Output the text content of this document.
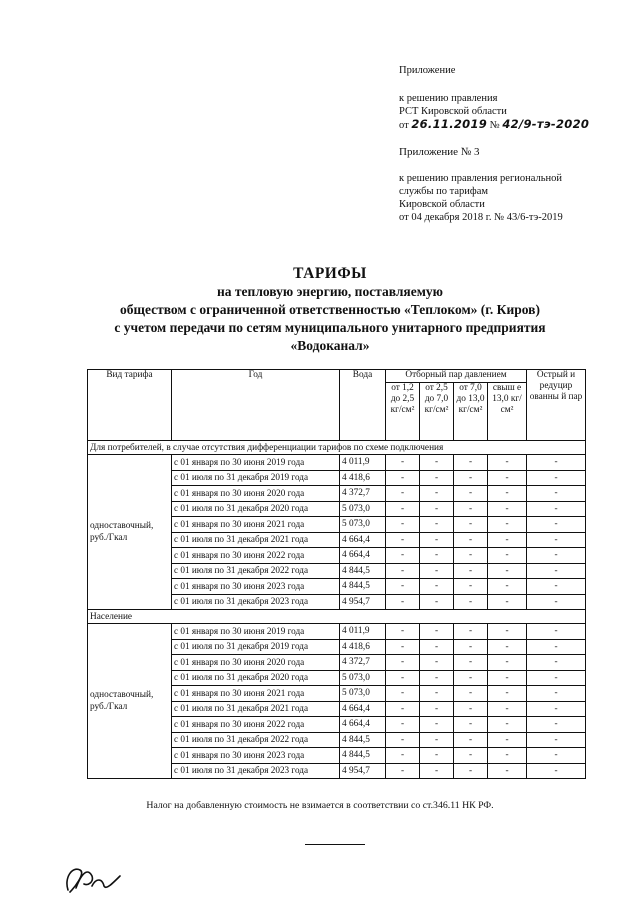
Приложение
к решению правления
РСТ Кировской области
от 26.11.2019 № 42/9-тэ-2020
Приложение № 3
к решению правления региональной
службы по тарифам
Кировской области
от 04 декабря 2018 г. № 43/6-тэ-2019
ТАРИФЫ
на тепловую энергию, поставляемую
обществом с ограниченной ответственностью «Теплоком» (г. Киров)
с учетом передачи по сетям муниципального унитарного предприятия
«Водоканал»
Вид тарифа	Год	Вода	Отборный пар давлением				Острый и редуцир ованны й пар
			от 1,2 до 2,5 кг/см²	от 2,5 до 7,0 кг/см²	от 7,0 до 13,0 кг/см²	свыш е 13,0 кг/см²	
Для потребителей, в случае отсутствия дифференциации тарифов по схеме подключения							
одноставочный, руб./Гкал	с 01 января по 30 июня 2019 года	4 011,9	-	-	-	-	-
	с 01 июля по 31 декабря 2019 года	4 418,6	-	-	-	-	-
	с 01 января по 30 июня 2020 года	4 372,7	-	-	-	-	-
	с 01 июля по 31 декабря 2020 года	5 073,0	-	-	-	-	-
	с 01 января по 30 июня 2021 года	5 073,0	-	-	-	-	-
	с 01 июля по 31 декабря 2021 года	4 664,4	-	-	-	-	-
	с 01 января по 30 июня 2022 года	4 664,4	-	-	-	-	-
	с 01 июля по 31 декабря 2022 года	4 844,5	-	-	-	-	-
	с 01 января по 30 июня 2023 года	4 844,5	-	-	-	-	-
	с 01 июля по 31 декабря 2023 года	4 954,7	-	-	-	-	-
Население							
одноставочный, руб./Гкал	с 01 января по 30 июня 2019 года	4 011,9	-	-	-	-	-
	с 01 июля по 31 декабря 2019 года	4 418,6	-	-	-	-	-
	с 01 января по 30 июня 2020 года	4 372,7	-	-	-	-	-
	с 01 июля по 31 декабря 2020 года	5 073,0	-	-	-	-	-
	с 01 января по 30 июня 2021 года	5 073,0	-	-	-	-	-
	с 01 июля по 31 декабря 2021 года	4 664,4	-	-	-	-	-
	с 01 января по 30 июня 2022 года	4 664,4	-	-	-	-	-
	с 01 июля по 31 декабря 2022 года	4 844,5	-	-	-	-	-
	с 01 января по 30 июня 2023 года	4 844,5	-	-	-	-	-
	с 01 июля по 31 декабря 2023 года	4 954,7	-	-	-	-	-
Налог на добавленную стоимость не взимается в соответствии со ст.346.11 НК РФ.
